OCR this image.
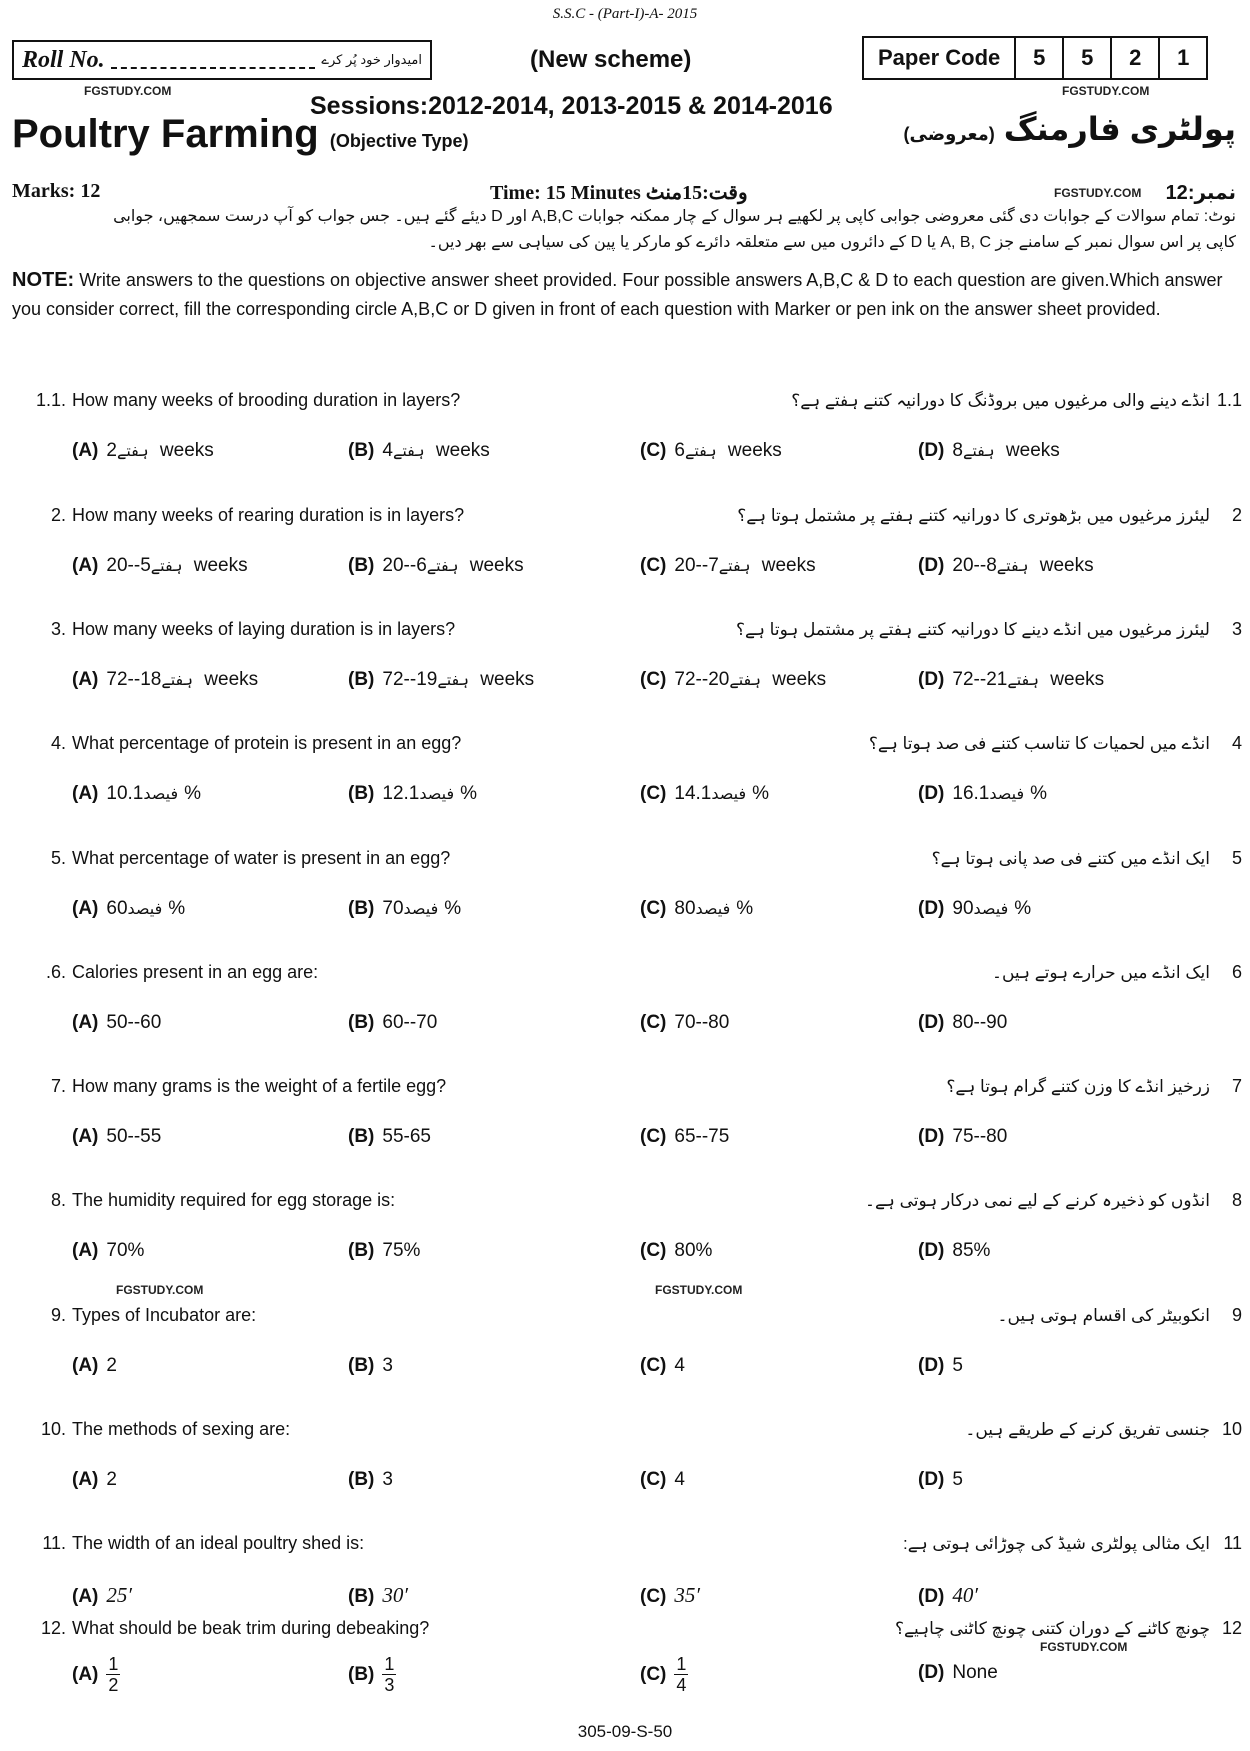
S.S.C - (Part-I)-A- 2015
Roll No.	امیدوار خود پُر کرے	(New scheme)	Paper Code	5	5	2	1
FGSTUDY.COM	FGSTUDY.COM
Sessions:2012-2014, 2013-2015 & 2014-2016
Poultry Farming (Objective Type)	پولٹری فارمنگ (معروضی)
Marks: 12	Time: 15 Minutes وقت:15منٹ	FGSTUDY.COM نمبر:12
نوٹ: تمام سوالات کے جوابات دی گئی معروضی جوابی کاپی پر لکھیے ہر سوال کے چار ممکنہ جوابات A,B,C اور D دیئے گئے ہیں۔ جس جواب کو آپ درست سمجھیں، جوابی کاپی پر اس سوال نمبر کے سامنے جز A, B, C یا D کے دائروں میں سے متعلقہ دائرے کو مارکر یا پین کی سیاہی سے بھر دیں۔
NOTE: Write answers to the questions on objective answer sheet provided. Four possible answers A,B,C & D to each question are given.Which answer you consider correct, fill the corresponding circle A,B,C or D given in front of each question with Marker or pen ink on the answer sheet provided.
1.1. How many weeks of brooding duration in layers?	انڈے دینے والی مرغیوں میں بروڈنگ کا دورانیہ کتنے ہفتے ہے؟ 1.1
(A) ہفتے2 weeks	(B) ہفتے4 weeks	(C) ہفتے6 weeks	(D) ہفتے8 weeks
2. How many weeks of rearing duration is in layers?	لیئرز مرغیوں میں بڑھوتری کا دورانیہ کتنے ہفتے پر مشتمل ہوتا ہے؟ 2
(A)	ہفتے5--20 weeks	(B)	ہفتے6--20 weeks	(C)	ہفتے7--20 weeks	(D)	ہفتے8--20 weeks
3. How many weeks of laying duration is in layers?	لیئرز مرغیوں میں انڈے دینے کا دورانیہ کتنے ہفتے پر مشتمل ہوتا ہے؟ 3
(A)	ہفتے18--72 weeks	(B)	ہفتے19--72 weeks	(C)	ہفتے20--72 weeks	(D)	ہفتے21--72 weeks
4. What percentage of protein is present in an egg?	انڈے میں لحمیات کا تناسب کتنے فی صد ہوتا ہے؟ 4
(A)	فیصد10.1%	(B)	فیصد12.1%	(C)	فیصد14.1%	(D)	فیصد16.1%
5. What percentage of water is present in an egg?	ایک انڈے میں کتنے فی صد پانی ہوتا ہے؟ 5
(A) فیصد60%	(B) فیصد70%	(C) فیصد80%	(D) فیصد90%
.6. Calories present in an egg are:	ایک انڈے میں حرارے ہوتے ہیں۔ 6
(A) 50--60	(B) 60--70	(C) 70--80	(D) 80--90
7. How many grams is the weight of a fertile egg?	زرخیز انڈے کا وزن کتنے گرام ہوتا ہے؟ 7
(A) 50--55	(B) 55-65	(C) 65--75	(D) 75--80
8. The humidity required for egg storage is:	انڈوں کو ذخیرہ کرنے کے لیے نمی درکار ہوتی ہے۔ 8
(A) 70%	(B) 75%	(C) 80%	(D) 85%
FGSTUDY.COM	FGSTUDY.COM
9. Types of Incubator are:	انکوبیٹر کی اقسام ہوتی ہیں۔ 9
(A) 2	(B) 3	(C) 4	(D) 5
10. The methods of sexing are:	جنسی تفریق کرنے کے طریقے ہیں۔ 10
(A) 2	(B) 3	(C) 4	(D) 5
11. The width of an ideal poultry shed is:	ایک مثالی پولٹری شیڈ کی چوڑائی ہوتی ہے: 11
(A) 25′	(B) 30′	(C) 35′	(D) 40′
12. What should be beak trim during debeaking?	چونچ کاٹنے کے دوران کتنی چونچ کاٹنی چاہیے؟ 12
$(A) \frac{1}{2}$	$(B) \frac{1}{3}$	$(C) \frac{1}{4}$	(D) None
FGSTUDY.COM
305-09-S-50
